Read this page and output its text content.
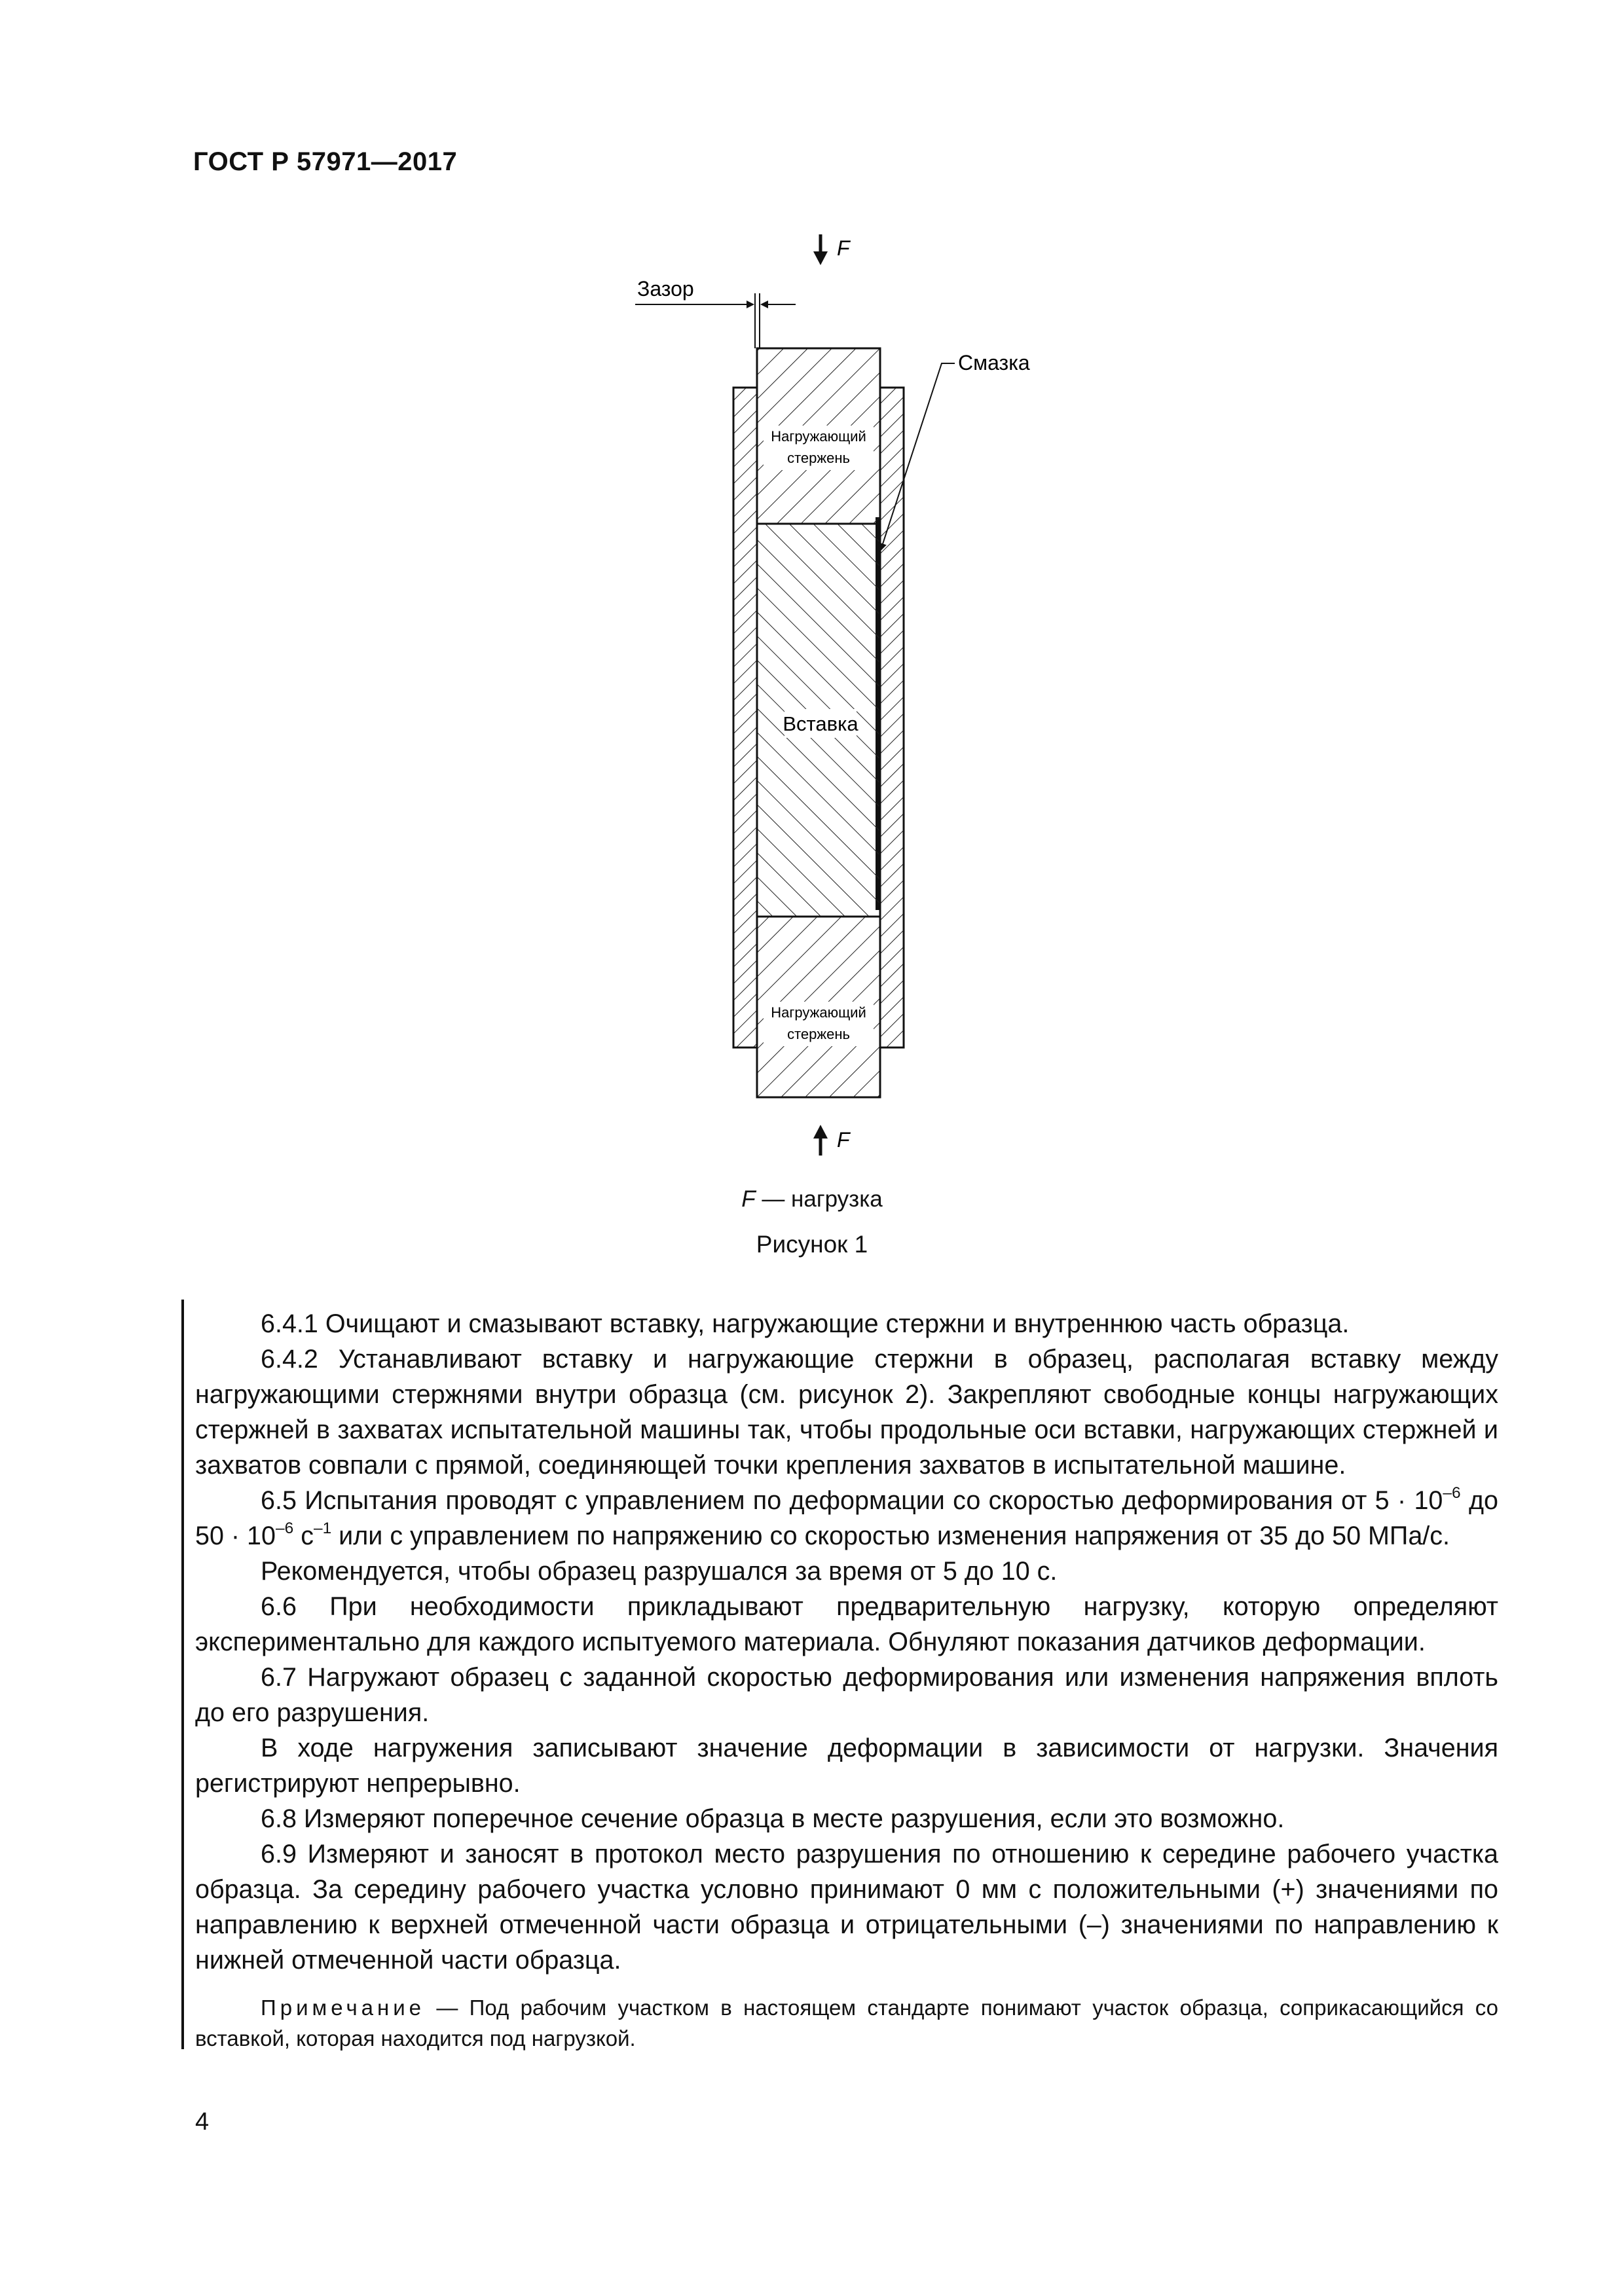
ГОСТ Р 57971—2017
Нагружающий
стержень
Вставка
Нагружающий
стержень
F
Зазор
Смазка
F
F — нагрузка
Рисунок 1

6.4.1 Очищают и смазывают вставку, нагружающие стержни и внутреннюю часть образца.

6.4.2 Устанавливают вставку и нагружающие стержни в образец, располагая вставку между нагружающими стержнями внутри образца (см. рисунок 2). Закрепляют свободные концы нагружающих стержней в захватах испытательной машины так, чтобы продольные оси вставки, нагружающих стержней и захватов совпали с прямой, соединяющей точки крепления захватов в испытательной машине.

6.5 Испытания проводят с управлением по деформации со скоростью деформирования от $5 \cdot 10^{-6}$ до $50 \cdot 10^{-6}$ $с^{-1}$ или с управлением по напряжению со скоростью изменения напряжения от 35 до 50 МПа/с.

Рекомендуется, чтобы образец разрушался за время от 5 до 10 с.

6.6 При необходимости прикладывают предварительную нагрузку, которую определяют экспериментально для каждого испытуемого материала. Обнуляют показания датчиков деформации.

6.7 Нагружают образец с заданной скоростью деформирования или изменения напряжения вплоть до его разрушения.

В ходе нагружения записывают значение деформации в зависимости от нагрузки. Значения регистрируют непрерывно.

6.8 Измеряют поперечное сечение образца в месте разрушения, если это возможно.

6.9 Измеряют и заносят в протокол место разрушения по отношению к середине рабочего участка образца. За середину рабочего участка условно принимают 0 мм с положительными (+) значениями по направлению к верхней отмеченной части образца и отрицательными (–) значениями по направлению к нижней отмеченной части образца.

Примечание — Под рабочим участком в настоящем стандарте понимают участок образца, соприкасающийся со вставкой, которая находится под нагрузкой.

4
